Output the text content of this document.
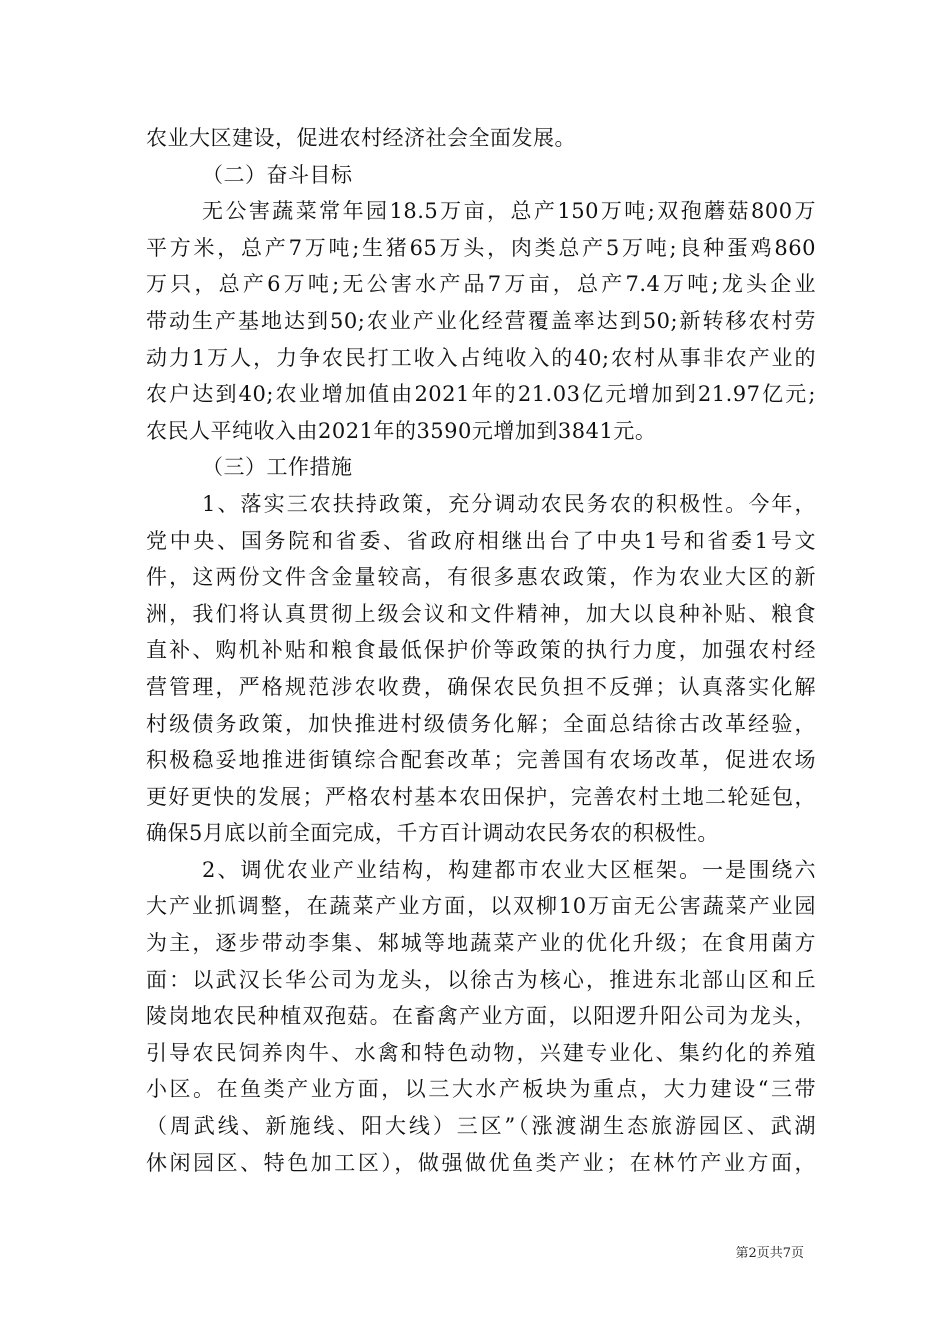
农业大区建设，促进农村经济社会全面发展。
（二）奋斗目标
无公害蔬菜常年园18.5万亩，总产150万吨;双孢蘑菇800万
平方米，总产7万吨;生猪65万头，肉类总产5万吨;良种蛋鸡860
万只，总产6万吨;无公害水产品7万亩，总产7.4万吨;龙头企业
带动生产基地达到50;农业产业化经营覆盖率达到50;新转移农村劳
动力1万人，力争农民打工收入占纯收入的40;农村从事非农产业的
农户达到40;农业增加值由2021年的21.03亿元增加到21.97亿元;
农民人平纯收入由2021年的3590元增加到3841元。
（三）工作措施
1、落实三农扶持政策，充分调动农民务农的积极性。今年，
党中央、国务院和省委、省政府相继出台了中央1号和省委1号文
件，这两份文件含金量较高，有很多惠农政策，作为农业大区的新
洲，我们将认真贯彻上级会议和文件精神，加大以良种补贴、粮食
直补、购机补贴和粮食最低保护价等政策的执行力度，加强农村经
营管理，严格规范涉农收费，确保农民负担不反弹；认真落实化解
村级债务政策，加快推进村级债务化解；全面总结徐古改革经验，
积极稳妥地推进街镇综合配套改革；完善国有农场改革，促进农场
更好更快的发展；严格农村基本农田保护，完善农村土地二轮延包，
确保5月底以前全面完成，千方百计调动农民务农的积极性。
2、调优农业产业结构，构建都市农业大区框架。一是围绕六
大产业抓调整，在蔬菜产业方面，以双柳10万亩无公害蔬菜产业园
为主，逐步带动李集、邾城等地蔬菜产业的优化升级；在食用菌方
面：以武汉长华公司为龙头，以徐古为核心，推进东北部山区和丘
陵岗地农民种植双孢菇。在畜禽产业方面，以阳逻升阳公司为龙头，
引导农民饲养肉牛、水禽和特色动物，兴建专业化、集约化的养殖
小区。在鱼类产业方面，以三大水产板块为重点，大力建设“三带
（周武线、新施线、阳大线）三区”（涨渡湖生态旅游园区、武湖
休闲园区、特色加工区），做强做优鱼类产业；在林竹产业方面，
第2页共7页
